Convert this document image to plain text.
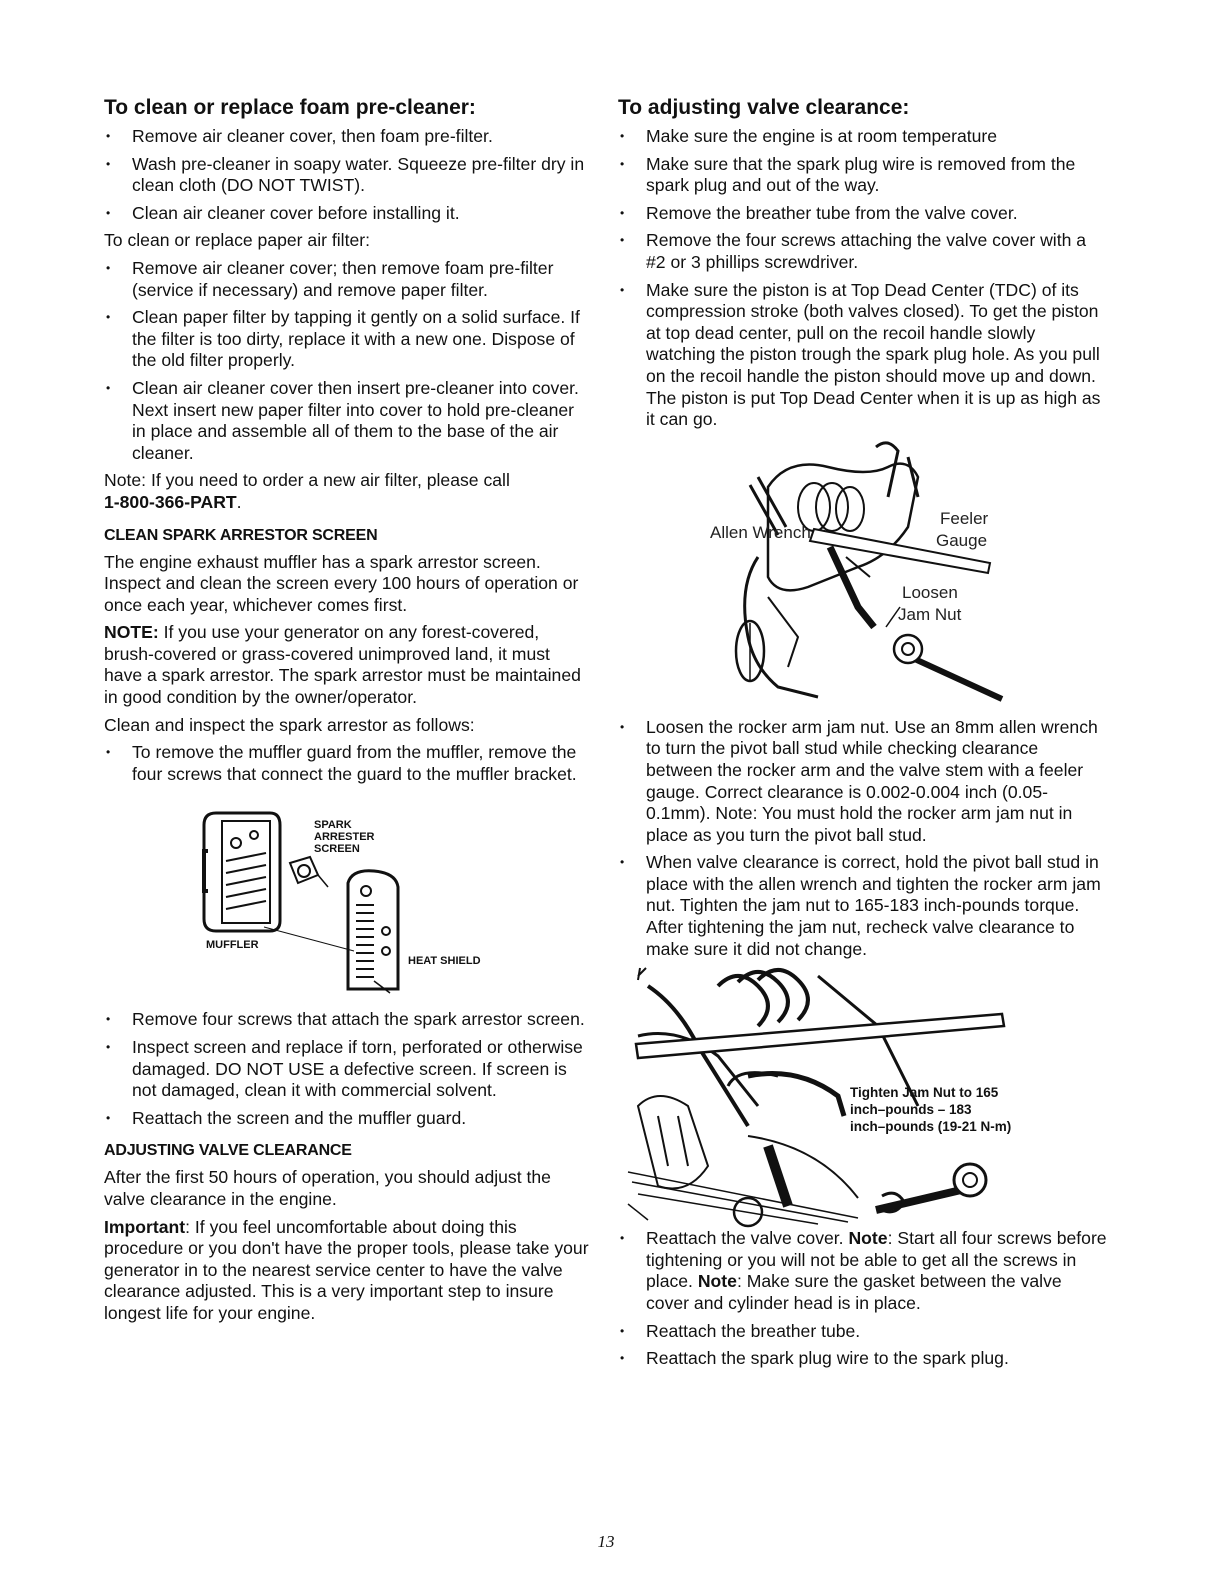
To clean or replace foam pre-cleaner:
• Remove air cleaner cover, then foam pre-filter.
• Wash pre-cleaner in soapy water. Squeeze pre-filter dry in clean cloth (DO NOT TWIST).
• Clean air cleaner cover before installing it.

To clean or replace paper air filter:

• Remove air cleaner cover; then remove foam pre-filter (service if necessary) and remove paper filter.
• Clean paper filter by tapping it gently on a solid surface. If the filter is too dirty, replace it with a new one. Dispose of the old filter properly.
• Clean air cleaner cover then insert pre-cleaner into cover. Next insert new paper filter into cover to hold pre-cleaner in place and assemble all of them to the base of the air cleaner.

Note: If you need to order a new air filter, please call
1-800-366-PART.

CLEAN SPARK ARRESTOR SCREEN

The engine exhaust muffler has a spark arrestor screen. Inspect and clean the screen every 100 hours of operation or once each year, whichever comes first.

NOTE: If you use your generator on any forest-covered, brush-covered or grass-covered unimproved land, it must have a spark arrestor. The spark arrestor must be maintained in good condition by the owner/operator.

Clean and inspect the spark arrestor as follows:

• To remove the muffler guard from the muffler, remove the four screws that connect the guard to the muffler bracket.
SPARK ARRESTER SCREEN
MUFFLER
HEAT SHIELD
• Remove four screws that attach the spark arrestor screen.
• Inspect screen and replace if torn, perforated or otherwise damaged. DO NOT USE a defective screen. If screen is not damaged, clean it with commercial solvent.
• Reattach the screen and the muffler guard.
ADJUSTING VALVE CLEARANCE

After the first 50 hours of operation, you should adjust the valve clearance in the engine.

Important: If you feel uncomfortable about doing this procedure or you don't have the proper tools, please take your generator in to the nearest service center to have the valve clearance adjusted. This is a very important step to insure longest life for your engine.

To adjusting valve clearance:
• Make sure the engine is at room temperature
• Make sure that the spark plug wire is removed from the spark plug and out of the way.
• Remove the breather tube from the valve cover.
• Remove the four screws attaching the valve cover with a #2 or 3 phillips screwdriver.
• Make sure the piston is at Top Dead Center (TDC) of its compression stroke (both valves closed). To get the piston at top dead center, pull on the recoil handle slowly watching the piston trough the spark plug hole. As you pull on the recoil handle the piston should move up and down. The piston is put Top Dead Center when it is up as high as it can go.
Allen Wrench
Feeler
Gauge
Loosen
Jam Nut
• Loosen the rocker arm jam nut. Use an 8mm allen wrench to turn the pivot ball stud while checking clearance between the rocker arm and the valve stem with a feeler gauge. Correct clearance is 0.002-0.004 inch (0.05-0.1mm). Note: You must hold the rocker arm jam nut in place as you turn the pivot ball stud.
• When valve clearance is correct, hold the pivot ball stud in place with the allen wrench and tighten the rocker arm jam nut. Tighten the jam nut to 165-183 inch-pounds torque. After tightening the jam nut, recheck valve clearance to make sure it did not change.
Tighten Jam Nut to 165
inch–pounds – 183
inch–pounds (19-21 N-m)
• Reattach the valve cover. Note: Start all four screws before tightening or you will not be able to get all the screws in place. Note: Make sure the gasket between the valve cover and cylinder head is in place.
• Reattach the breather tube.
• Reattach the spark plug wire to the spark plug.
13
